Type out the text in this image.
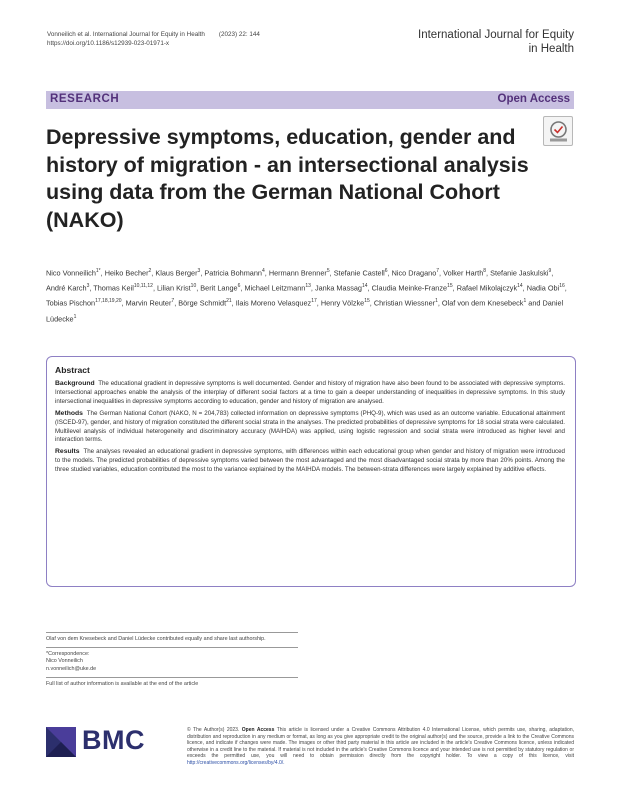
Vonneilich et al. International Journal for Equity in Health (2023) 22: 144
https://doi.org/10.1186/s12939-023-01971-x
International Journal for Equity
in Health
RESEARCH	Open Access
Depressive symptoms, education, gender and history of migration - an intersectional analysis using data from the German National Cohort (NAKO)
Nico Vonneilich$^{1*}$, Heiko Becher$^2$, Klaus Berger$^3$, Patricia Bohmann$^4$, Hermann Brenner$^5$, Stefanie Castell$^6$, Nico Dragano$^7$, Volker Harth$^8$, Stefanie Jaskulski$^9$, André Karch$^3$, Thomas Keil$^{10,11,12}$, Lilian Krist$^{10}$, Berit Lange$^6$, Michael Leitzmann$^{13}$, Janka Massag$^{14}$, Claudia Meinke-Franze$^{15}$, Rafael Mikolajczyk$^{14}$, Nadia Obi$^{16}$, Tobias Pischon$^{17,18,19,20}$, Marvin Reuter$^7$, Börge Schmidt$^{21}$, Ilais Moreno Velasquez$^{17}$, Henry Völzke$^{15}$, Christian Wiessner$^1$, Olaf von dem Knesebeck$^1$ and Daniel Lüdecke$^1$
Abstract

Background The educational gradient in depressive symptoms is well documented. Gender and history of migration have also been found to be associated with depressive symptoms. Intersectional approaches enable the analysis of the interplay of different social factors at a time to gain a deeper understanding of inequalities in depressive symptoms. In this study intersectional inequalities in depressive symptoms according to education, gender and history of migration are analysed.

Methods The German National Cohort (NAKO, N = 204,783) collected information on depressive symptoms (PHQ-9), which was used as an outcome variable. Educational attainment (ISCED-97), gender, and history of migration constituted the different social strata in the analyses. The predicted probabilities of depressive symptoms for 18 social strata were calculated. Multilevel analysis of individual heterogeneity and discriminatory accuracy (MAIHDA) was applied, using logistic regression and social strata were introduced as higher level and interaction terms.

Results The analyses revealed an educational gradient in depressive symptoms, with differences within each educational group when gender and history of migration were introduced to the models. The predicted probabilities of depressive symptoms varied between the most advantaged and the most disadvantaged social strata by more than 20% points. Among the three studied variables, education contributed the most to the variance explained by the MAIHDA models. The between-strata differences were largely explained by additive effects.

Olaf von dem Knesebeck and Daniel Lüdecke contributed equally and share last authorship.
*Correspondence:
Nico Vonneilich
n.vonneilich@uke.de
Full list of author information is available at the end of the article
BMC	© The Author(s) 2023. Open Access This article is licensed under a Creative Commons Attribution 4.0 International License, which permits use, sharing, adaptation, distribution and reproduction in any medium or format, as long as you give appropriate credit to the original author(s) and the source, provide a link to the Creative Commons licence, and indicate if changes were made. The images or other third party material in this article are included in the article's Creative Commons licence, unless indicated otherwise in a credit line to the material. If material is not included in the article's Creative Commons licence and your intended use is not permitted by statutory regulation or exceeds the permitted use, you will need to obtain permission directly from the copyright holder. To view a copy of this licence, visit http://creativecommons.org/licenses/by/4.0/.
